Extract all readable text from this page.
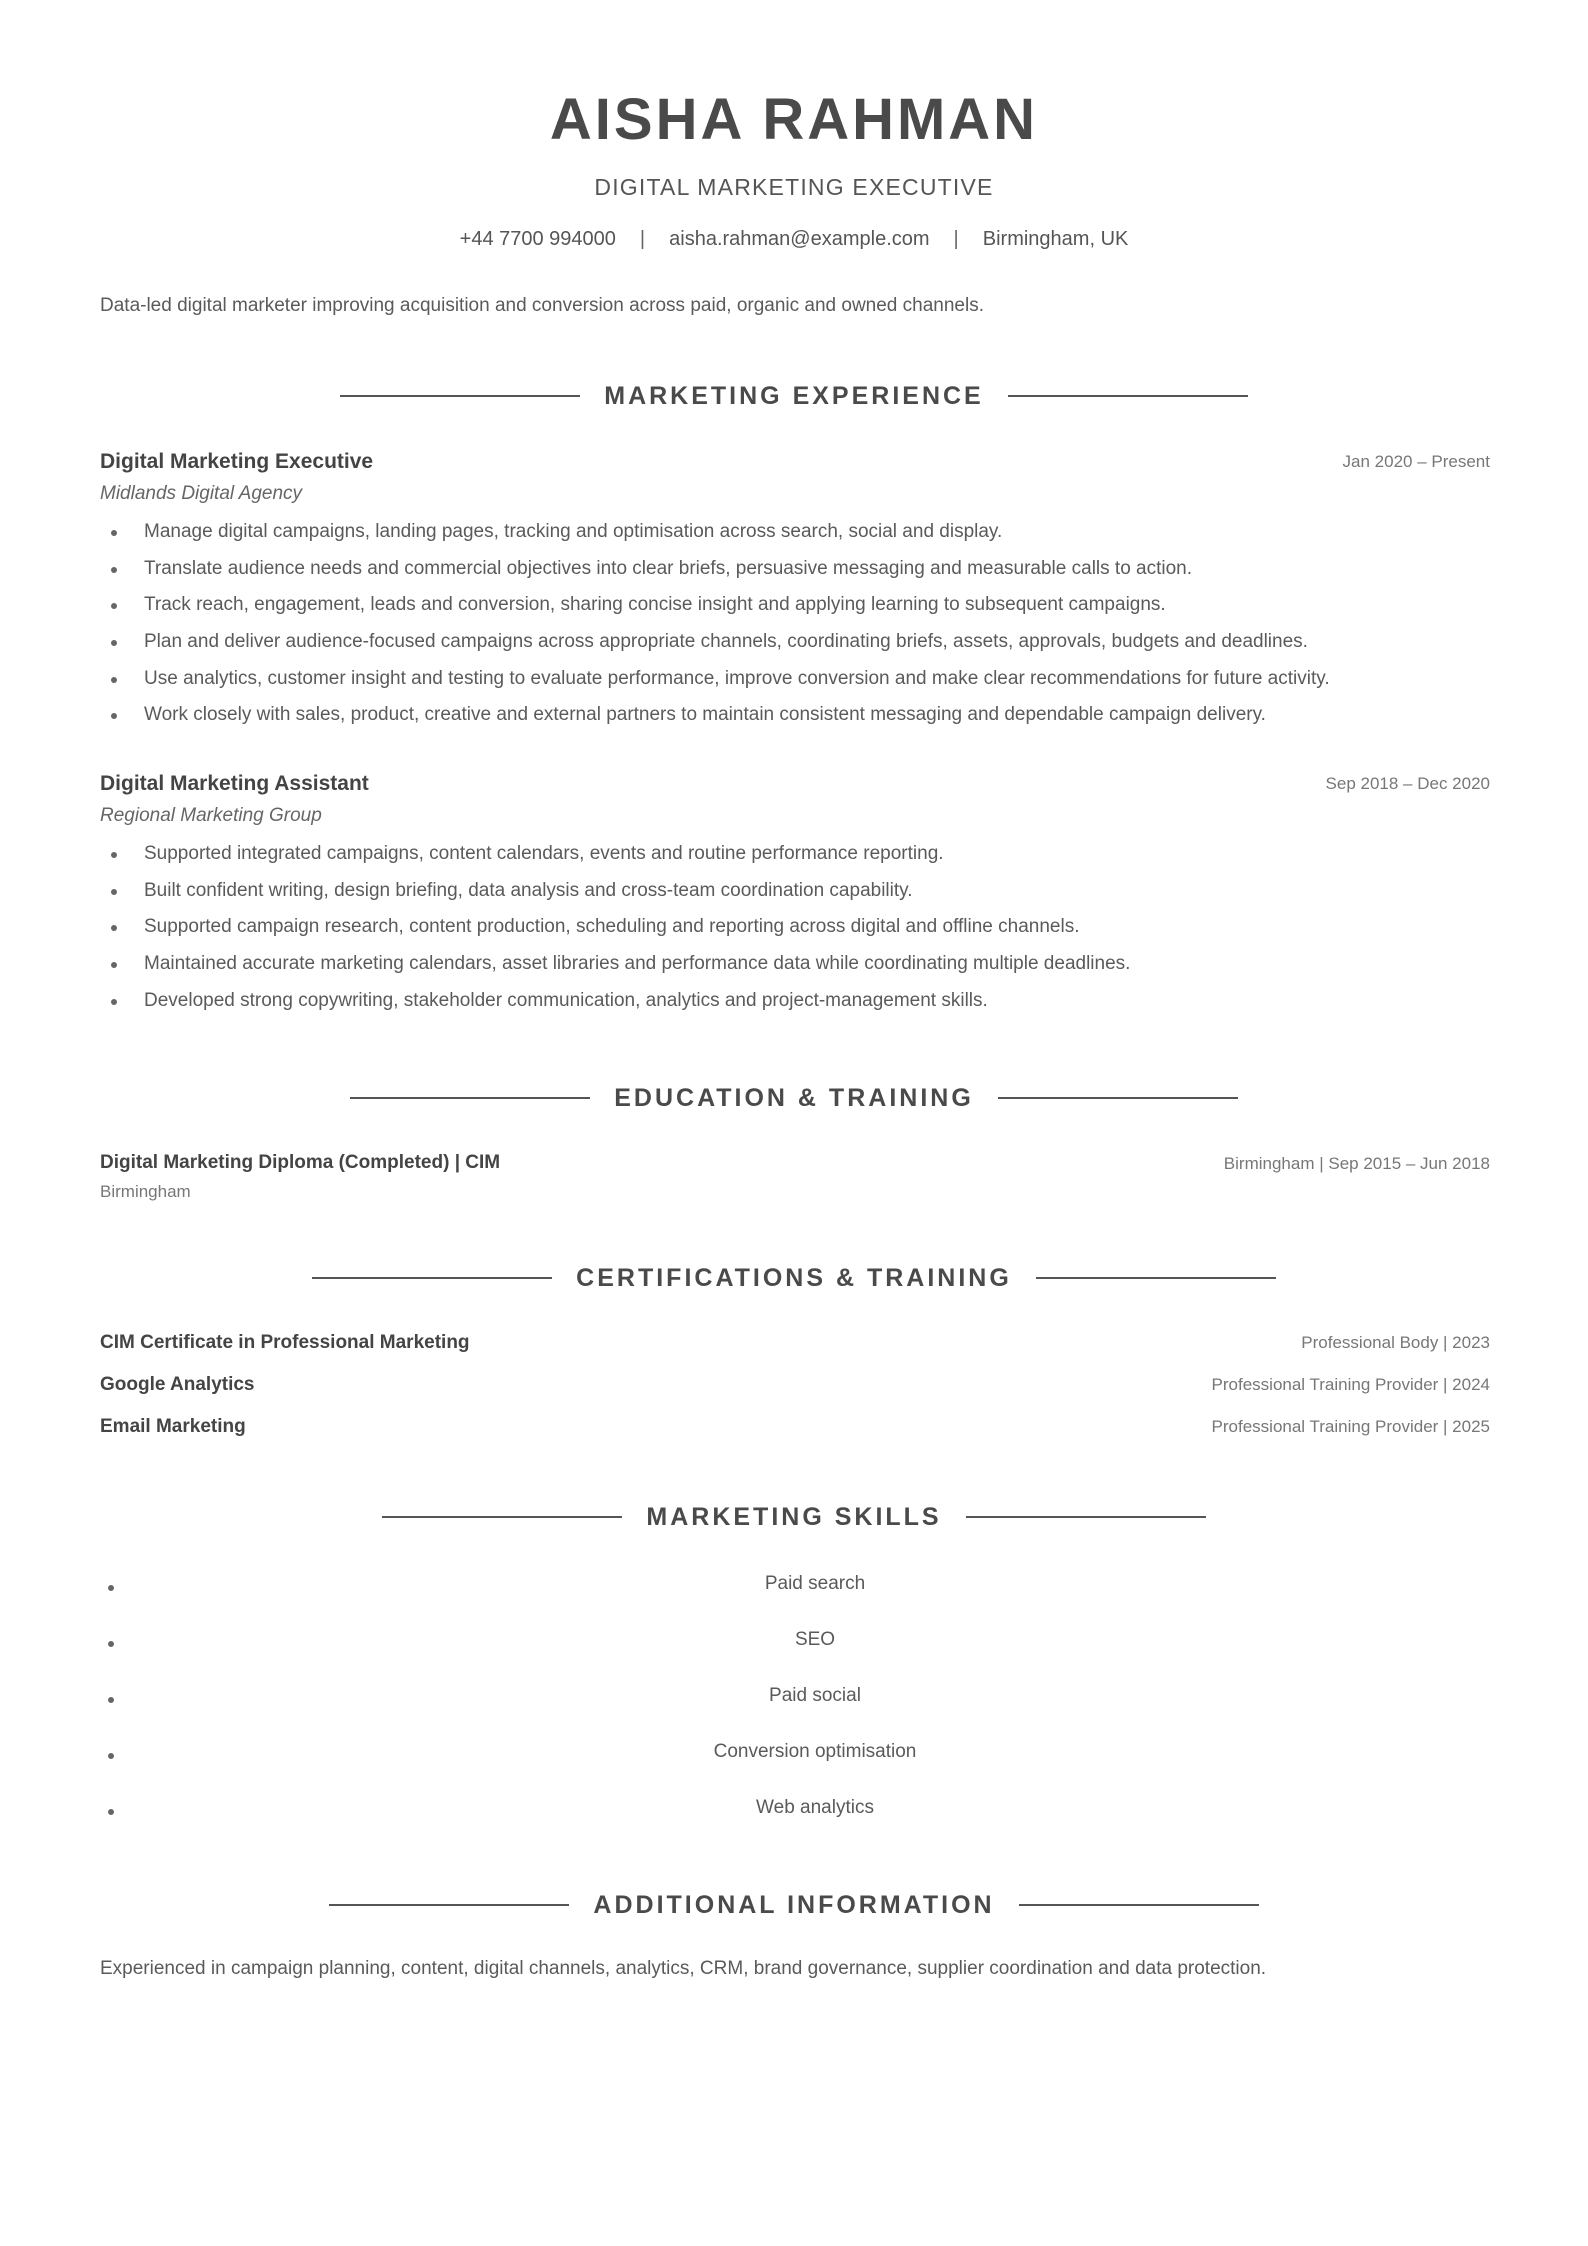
AISHA RAHMAN
DIGITAL MARKETING EXECUTIVE
+44 7700 994000 | aisha.rahman@example.com | Birmingham, UK
Data-led digital marketer improving acquisition and conversion across paid, organic and owned channels.
MARKETING EXPERIENCE
Digital Marketing Executive	Jan 2020 – Present
Midlands Digital Agency
Manage digital campaigns, landing pages, tracking and optimisation across search, social and display.
Translate audience needs and commercial objectives into clear briefs, persuasive messaging and measurable calls to action.
Track reach, engagement, leads and conversion, sharing concise insight and applying learning to subsequent campaigns.
Plan and deliver audience-focused campaigns across appropriate channels, coordinating briefs, assets, approvals, budgets and deadlines.
Use analytics, customer insight and testing to evaluate performance, improve conversion and make clear recommendations for future activity.
Work closely with sales, product, creative and external partners to maintain consistent messaging and dependable campaign delivery.
Digital Marketing Assistant	Sep 2018 – Dec 2020
Regional Marketing Group
Supported integrated campaigns, content calendars, events and routine performance reporting.
Built confident writing, design briefing, data analysis and cross-team coordination capability.
Supported campaign research, content production, scheduling and reporting across digital and offline channels.
Maintained accurate marketing calendars, asset libraries and performance data while coordinating multiple deadlines.
Developed strong copywriting, stakeholder communication, analytics and project-management skills.
EDUCATION & TRAINING
Digital Marketing Diploma (Completed) | CIM	Birmingham | Sep 2015 – Jun 2018
Birmingham
CERTIFICATIONS & TRAINING
CIM Certificate in Professional Marketing	Professional Body | 2023
Google Analytics	Professional Training Provider | 2024
Email Marketing	Professional Training Provider | 2025
MARKETING SKILLS
Paid search
SEO
Paid social
Conversion optimisation
Web analytics
ADDITIONAL INFORMATION
Experienced in campaign planning, content, digital channels, analytics, CRM, brand governance, supplier coordination and data protection.
